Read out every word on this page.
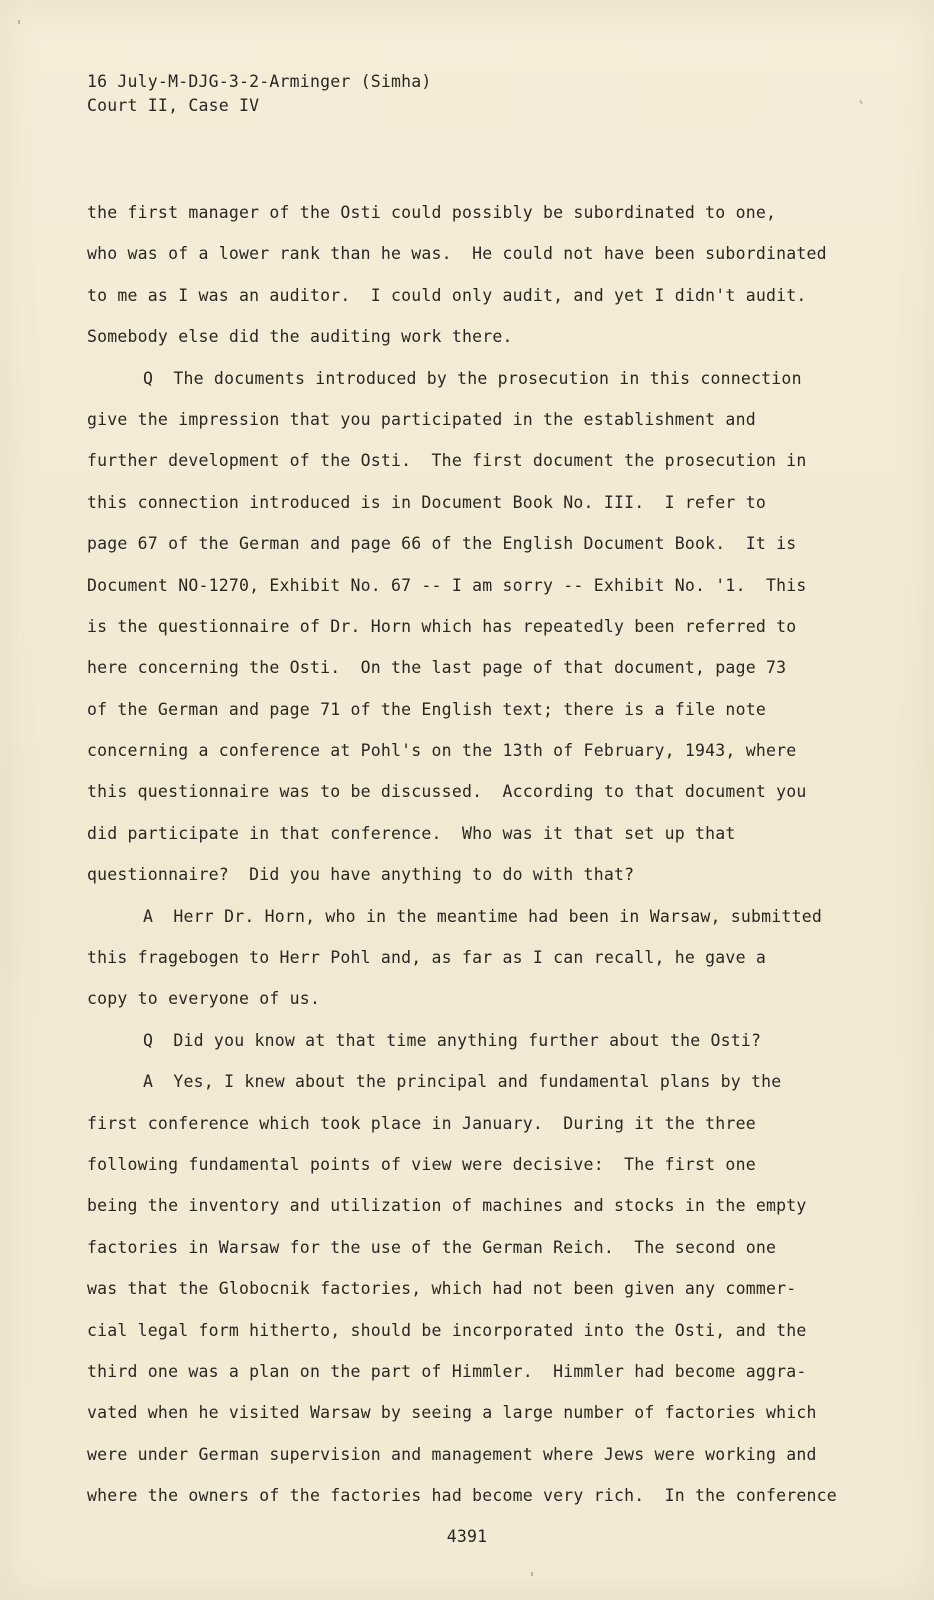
16 July-M-DJG-3-2-Arminger (Simha)
Court II, Case IV
the first manager of the Osti could possibly be subordinated to one,
who was of a lower rank than he was.  He could not have been subordinated
to me as I was an auditor.  I could only audit, and yet I didn't audit.
Somebody else did the auditing work there.
Q  The documents introduced by the prosecution in this connection
give the impression that you participated in the establishment and
further development of the Osti.  The first document the prosecution in
this connection introduced is in Document Book No. III.  I refer to
page 67 of the German and page 66 of the English Document Book.  It is
Document NO-1270, Exhibit No. 67 -- I am sorry -- Exhibit No. '1.  This
is the questionnaire of Dr. Horn which has repeatedly been referred to
here concerning the Osti.  On the last page of that document, page 73
of the German and page 71 of the English text; there is a file note
concerning a conference at Pohl's on the 13th of February, 1943, where
this questionnaire was to be discussed.  According to that document you
did participate in that conference.  Who was it that set up that
questionnaire?  Did you have anything to do with that?
A  Herr Dr. Horn, who in the meantime had been in Warsaw, submitted
this fragebogen to Herr Pohl and, as far as I can recall, he gave a
copy to everyone of us.
Q  Did you know at that time anything further about the Osti?
A  Yes, I knew about the principal and fundamental plans by the
first conference which took place in January.  During it the three
following fundamental points of view were decisive:  The first one
being the inventory and utilization of machines and stocks in the empty
factories in Warsaw for the use of the German Reich.  The second one
was that the Globocnik factories, which had not been given any commer-
cial legal form hitherto, should be incorporated into the Osti, and the
third one was a plan on the part of Himmler.  Himmler had become aggra-
vated when he visited Warsaw by seeing a large number of factories which
were under German supervision and management where Jews were working and
where the owners of the factories had become very rich.  In the conference
4391
